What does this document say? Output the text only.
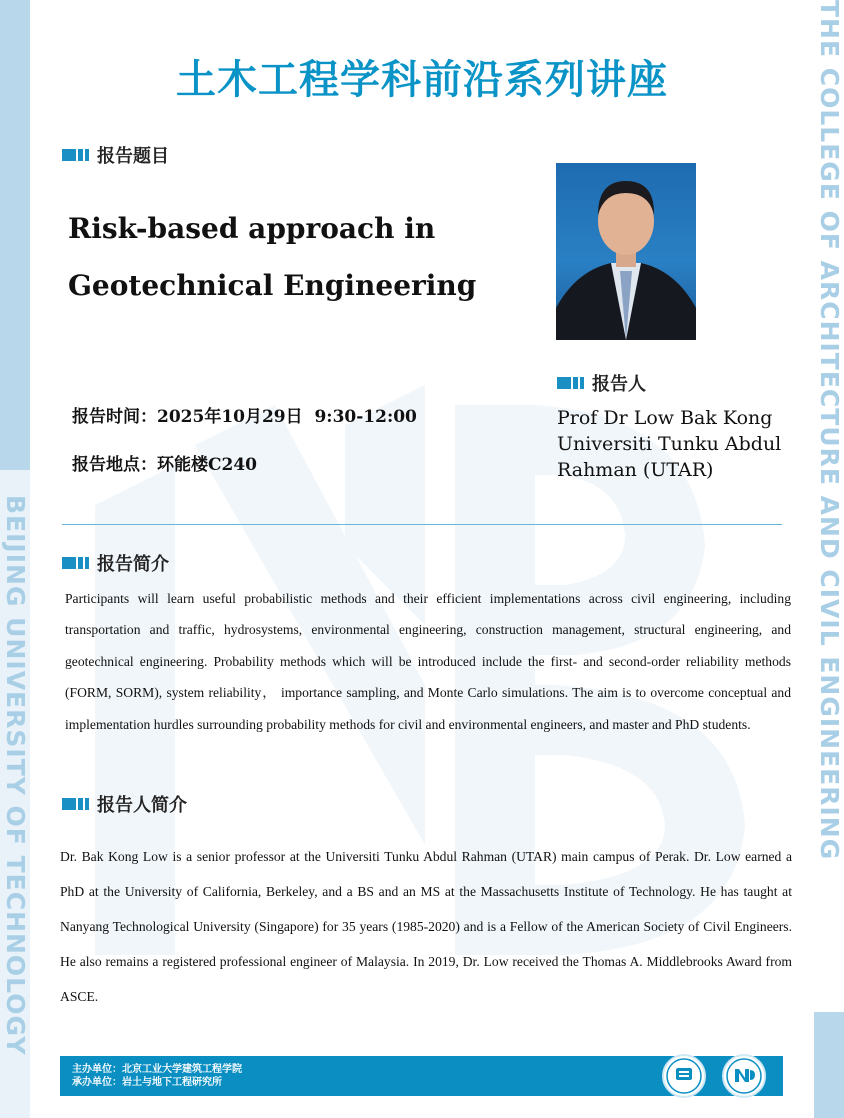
BEIJING UNIVERSITY OF TECHNOLOGY	THE COLLEGE OF ARCHITECTURE AND CIVIL ENGINEERING
土木工程学科前沿系列讲座
报告题目
Risk-based approach in
Geotechnical Engineering
报告人
Prof Dr Low Bak Kong
Universiti Tunku Abdul
Rahman (UTAR)
报告时间：2025年10月29日  9:30-12:00
报告地点：环能楼C240
报告简介
Participants will learn useful probabilistic methods and their efficient implementations across civil engineering, including transportation and traffic, hydrosystems, environmental engineering, construction management, structural engineering, and geotechnical engineering. Probability methods which will be introduced include the first- and second-order reliability methods (FORM, SORM), system reliability， importance sampling, and Monte Carlo simulations. The aim is to overcome conceptual and implementation hurdles surrounding probability methods for civil and environmental engineers, and master and PhD students.
报告人简介
Dr. Bak Kong Low is a senior professor at the Universiti Tunku Abdul Rahman (UTAR) main campus of Perak. Dr. Low earned a PhD at the University of California, Berkeley, and a BS and an MS at the Massachusetts Institute of Technology. He has taught at Nanyang Technological University (Singapore) for 35 years (1985-2020) and is a Fellow of the American Society of Civil Engineers. He also remains a registered professional engineer of Malaysia. In 2019, Dr. Low received the Thomas A. Middlebrooks Award from ASCE.
主办单位：北京工业大学建筑工程学院
承办单位：岩土与地下工程研究所
